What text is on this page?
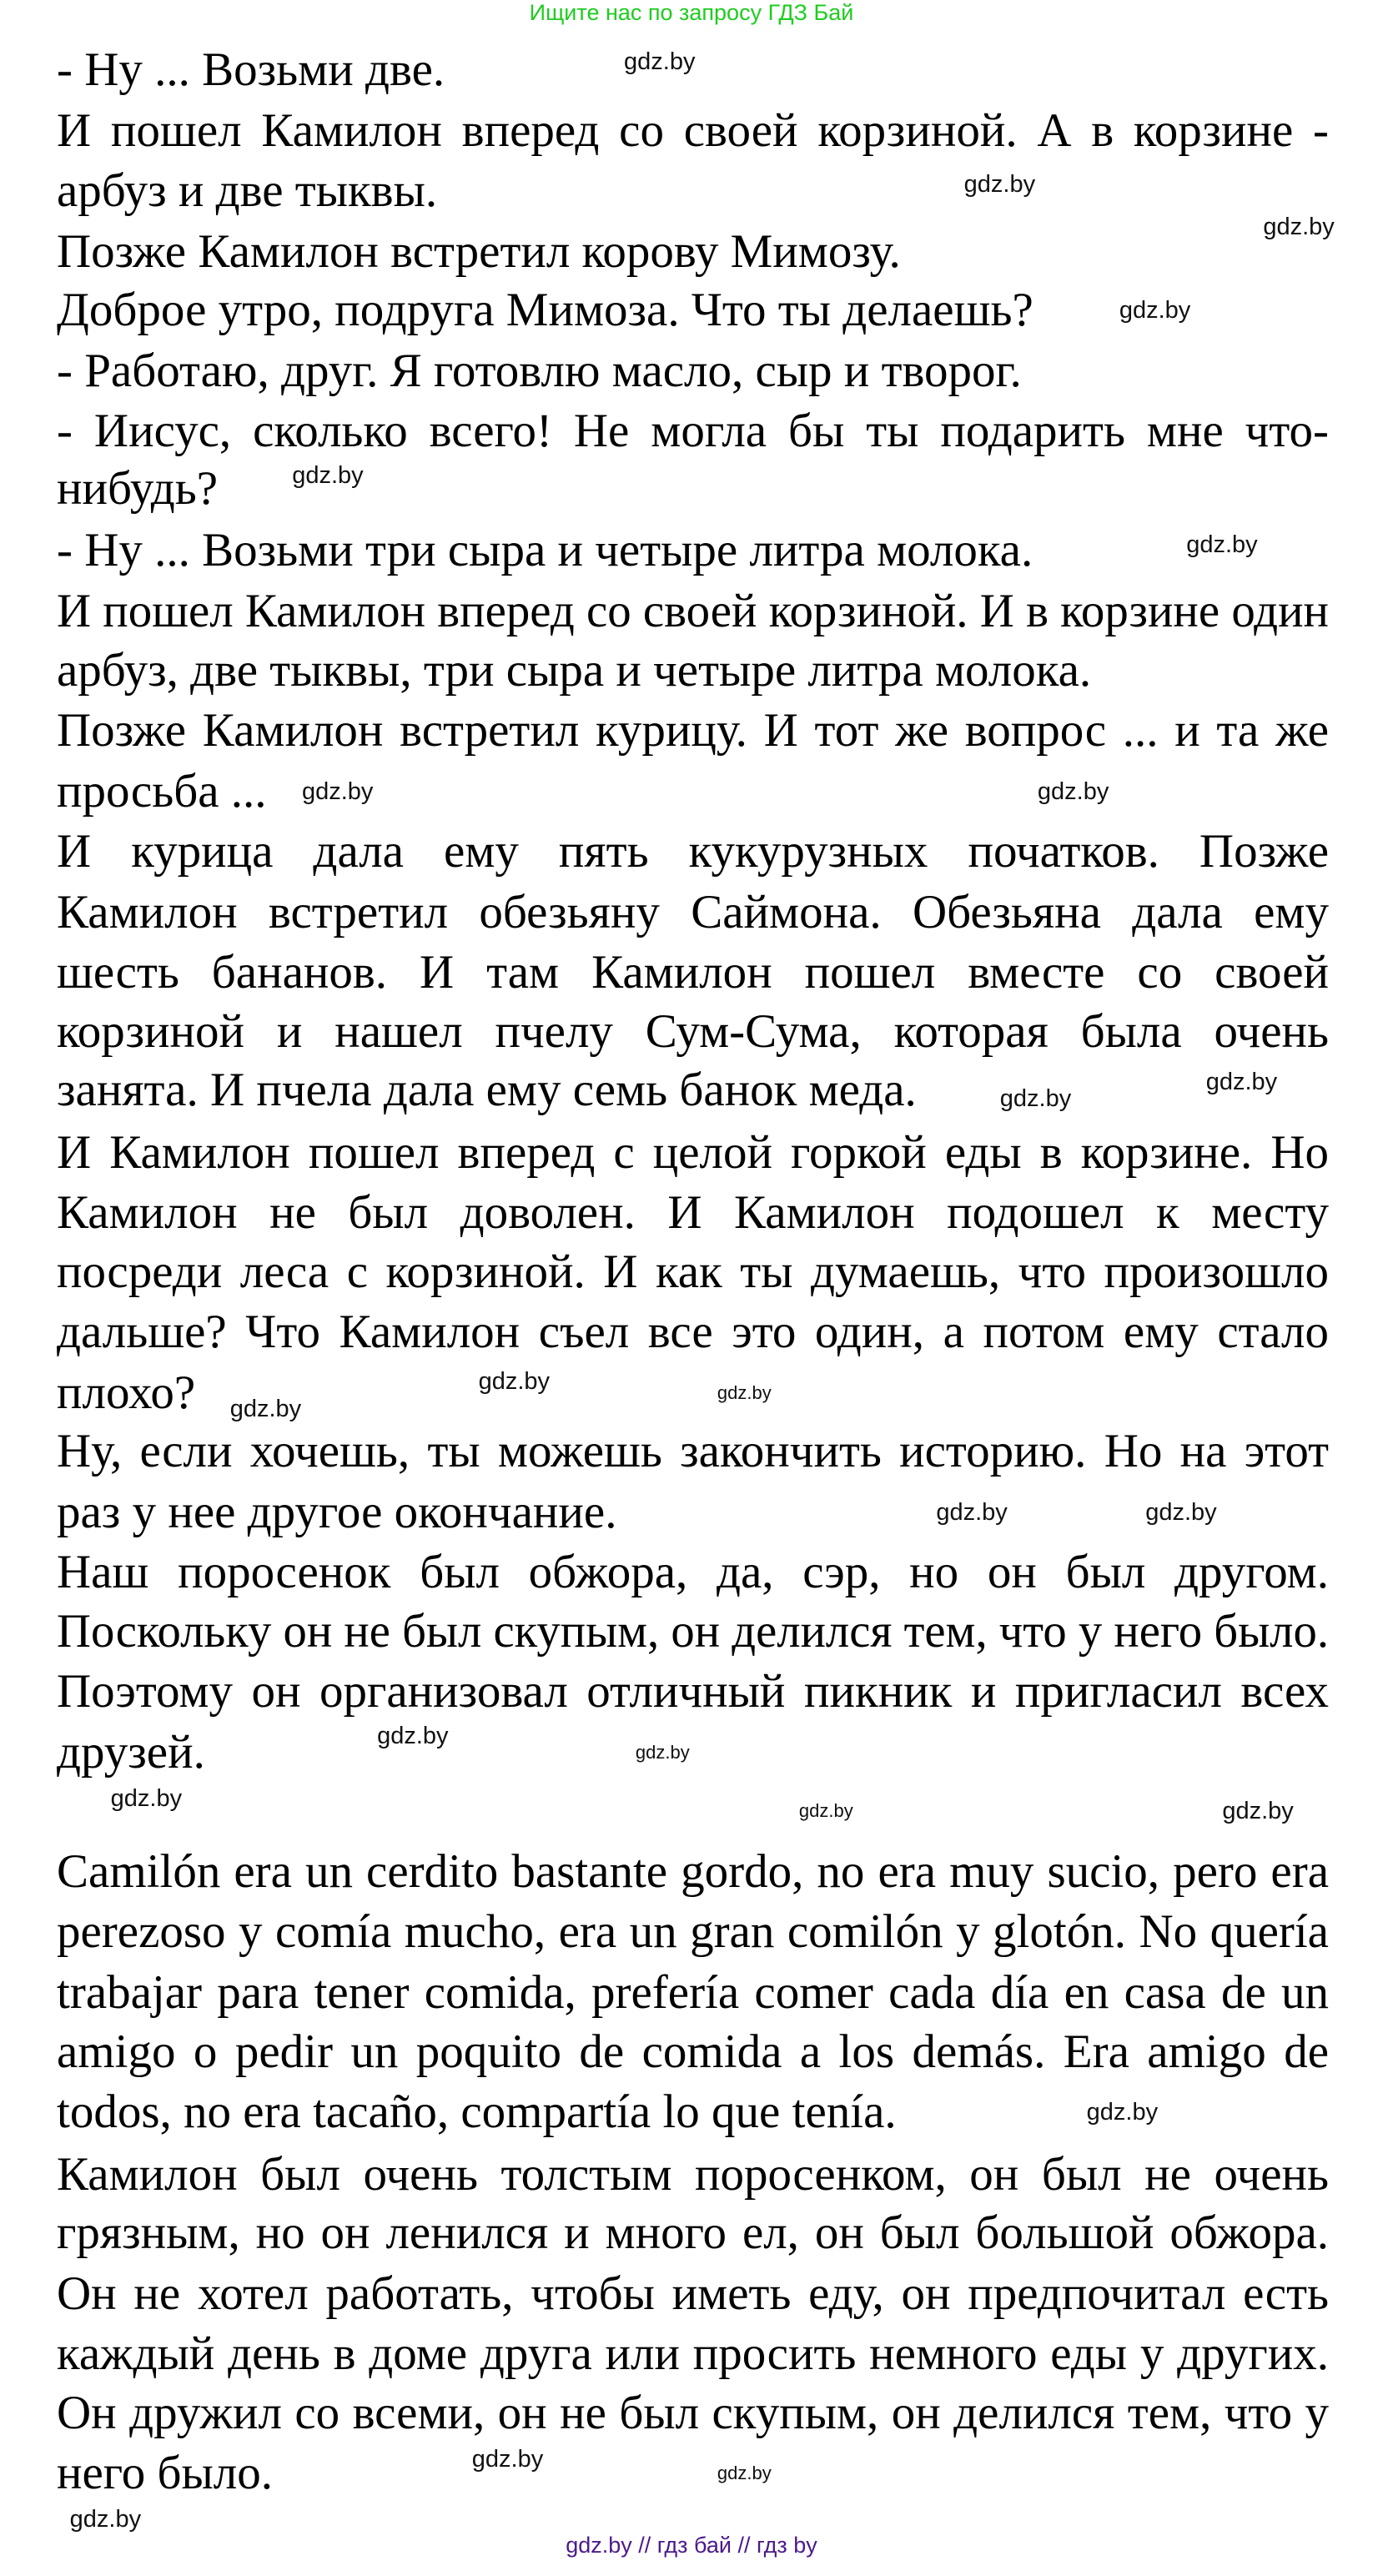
Ищите нас по запросу ГДЗ Бай
- Ну ... Возьми две.
И пошел Камилон вперед со своей корзиной. А в корзине -
арбуз и две тыквы.
Позже Камилон встретил корову Мимозу.
Доброе утро, подруга Мимоза. Что ты делаешь?
- Работаю, друг. Я готовлю масло, сыр и творог.
- Иисус, сколько всего! Не могла бы ты подарить мне что-
нибудь?
- Ну ... Возьми три сыра и четыре литра молока.
И пошел Камилон вперед со своей корзиной. И в корзине один
арбуз, две тыквы, три сыра и четыре литра молока.
Позже Камилон встретил курицу. И тот же вопрос ... и та же
просьба ...
И курица дала ему пять кукурузных початков. Позже
Камилон встретил обезьяну Саймона. Обезьяна дала ему
шесть бананов. И там Камилон пошел вместе со своей
корзиной и нашел пчелу Сум-Сума, которая была очень
занята. И пчела дала ему семь банок меда.
И Камилон пошел вперед с целой горкой еды в корзине. Но
Камилон не был доволен. И Камилон подошел к месту
посреди леса с корзиной. И как ты думаешь, что произошло
дальше? Что Камилон съел все это один, а потом ему стало
плохо?
Ну, если хочешь, ты можешь закончить историю. Но на этот
раз у нее другое окончание.
Наш поросенок был обжора, да, сэр, но он был другом.
Поскольку он не был скупым, он делился тем, что у него было.
Поэтому он организовал отличный пикник и пригласил всех
друзей.
Camilón era un cerdito bastante gordo, no era muy sucio, pero era
perezoso y comía mucho, era un gran comilón y glotón. No quería
trabajar para tener comida, prefería comer cada día en casa de un
amigo o pedir un poquito de comida a los demás. Era amigo de
todos, no era tacaño, compartía lo que tenía.
Камилон был очень толстым поросенком, он был не очень
грязным, но он ленился и много ел, он был большой обжора.
Он не хотел работать, чтобы иметь еду, он предпочитал есть
каждый день в доме друга или просить немного еды у других.
Он дружил со всеми, он не был скупым, он делился тем, что у
него было.
gdz.by
gdz.by
gdz.by
gdz.by
gdz.by
gdz.by
gdz.by	gdz.by
gdz.by
gdz.by
gdz.by
gdz.by
gdz.by
gdz.by
gdz.by
gdz.by
gdz.by
gdz.by	gdz.by
gdz.by
gdz.by
gdz.by
gdz.by
gdz.by
gdz.by // гдз бай // гдз by
